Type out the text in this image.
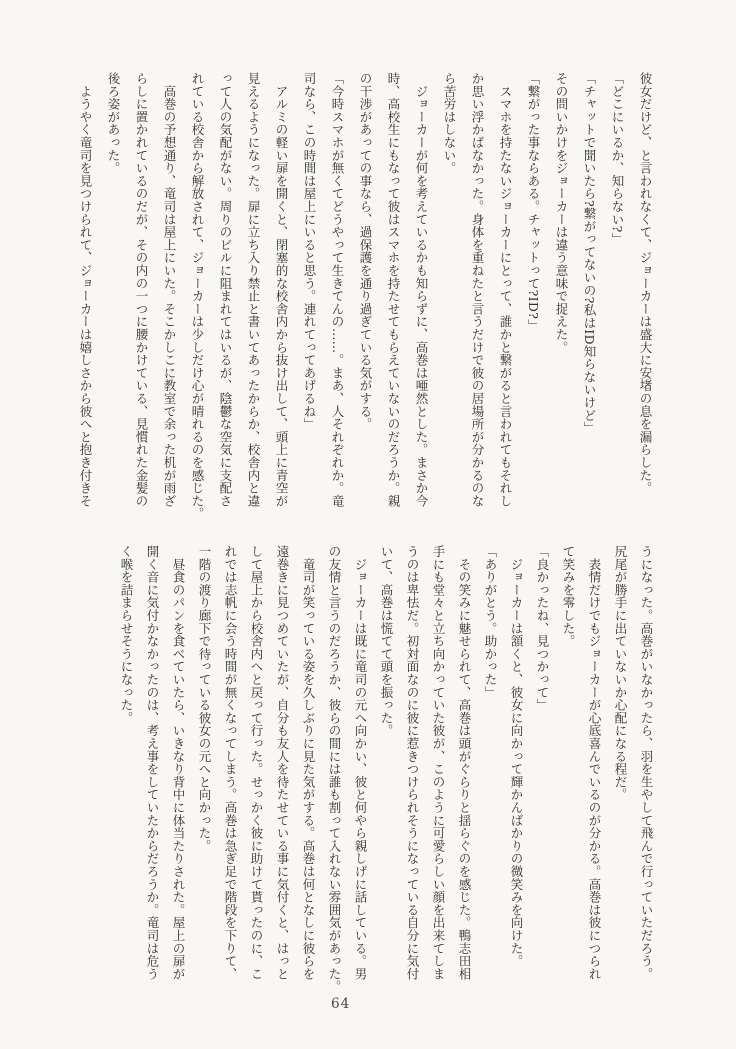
彼女だけど、と言われなくて、ジョーカーは盛大に安堵の息を漏らした。
「どこにいるか、知らない?」
「チャットで聞いたら?繋がってないの?私はID知らないけど」
その問いかけをジョーカーは違う意味で捉えた。
「繋がった事ならある。チャットって?ID?」
　スマホを持たないジョーカーにとって、誰かと繋がると言われてもそれし
か思い浮かばなかった。身体を重ねたと言うだけで彼の居場所が分かるのな
ら苦労はしない。
　ジョーカーが何を考えているかも知らずに、高巻は唖然とした。まさか今
時、高校生にもなって彼はスマホを持たせてもらえていないのだろうか。親
の干渉があっての事なら、過保護を通り過ぎている気がする。
「今時スマホが無くてどうやって生きてんの……。まあ、人それぞれか。竜
司なら、この時間は屋上にいると思う。連れてってあげるね」
　アルミの軽い扉を開くと、閉塞的な校舎内から抜け出して、頭上に青空が
見えるようになった。扉に立ち入り禁止と書いてあったからか、校舎内と違
って人の気配がない。周りのビルに阻まれてはいるが、陰鬱な空気に支配さ
れている校舎から解放されて、ジョーカーは少しだけ心が晴れるのを感じた。
　高巻の予想通り、竜司は屋上にいた。そこかしこに教室で余った机が雨ざ
らしに置かれているのだが、その内の一つに腰かけている、見慣れた金髪の
後ろ姿があった。
　ようやく竜司を見つけられて、ジョーカーは嬉しさから彼へと抱き付きそ
うになった。高巻がいなかったら、羽を生やして飛んで行っていただろう。
尻尾が勝手に出ていないか心配になる程だ。
　表情だけでもジョーカーが心底喜んでいるのが分かる。高巻は彼につられ
て笑みを零した。
「良かったね、見つかって」
　ジョーカーは頷くと、彼女に向かって輝かんばかりの微笑みを向けた。
「ありがとう。助かった」
　その笑みに魅せられて、高巻は頭がぐらりと揺らぐのを感じた。鴨志田相
手にも堂々と立ち向かっていた彼が、このように可愛らしい顔を出来てしま
うのは卑怯だ。初対面なのに彼に惹きつけられそうになっている自分に気付
いて、高巻は慌てて頭を振った。
　ジョーカーは既に竜司の元へ向かい、彼と何やら親しげに話している。男
の友情と言うのだろうか、彼らの間には誰も割って入れない雰囲気があった。
　竜司が笑っている姿を久しぶりに見た気がする。高巻は何となしに彼らを
遠巻きに見つめていたが、自分も友人を待たせている事に気付くと、はっと
して屋上から校舎内へと戻って行った。せっかく彼に助けて貰ったのに、こ
れでは志帆に会う時間が無くなってしまう。高巻は急ぎ足で階段を下りて、
一階の渡り廊下で待っている彼女の元へと向かった。
　昼食のパンを食べていたら、いきなり背中に体当たりされた。屋上の扉が
開く音に気付かなかったのは、考え事をしていたからだろうか。竜司は危う
く喉を詰まらせそうになった。
64
